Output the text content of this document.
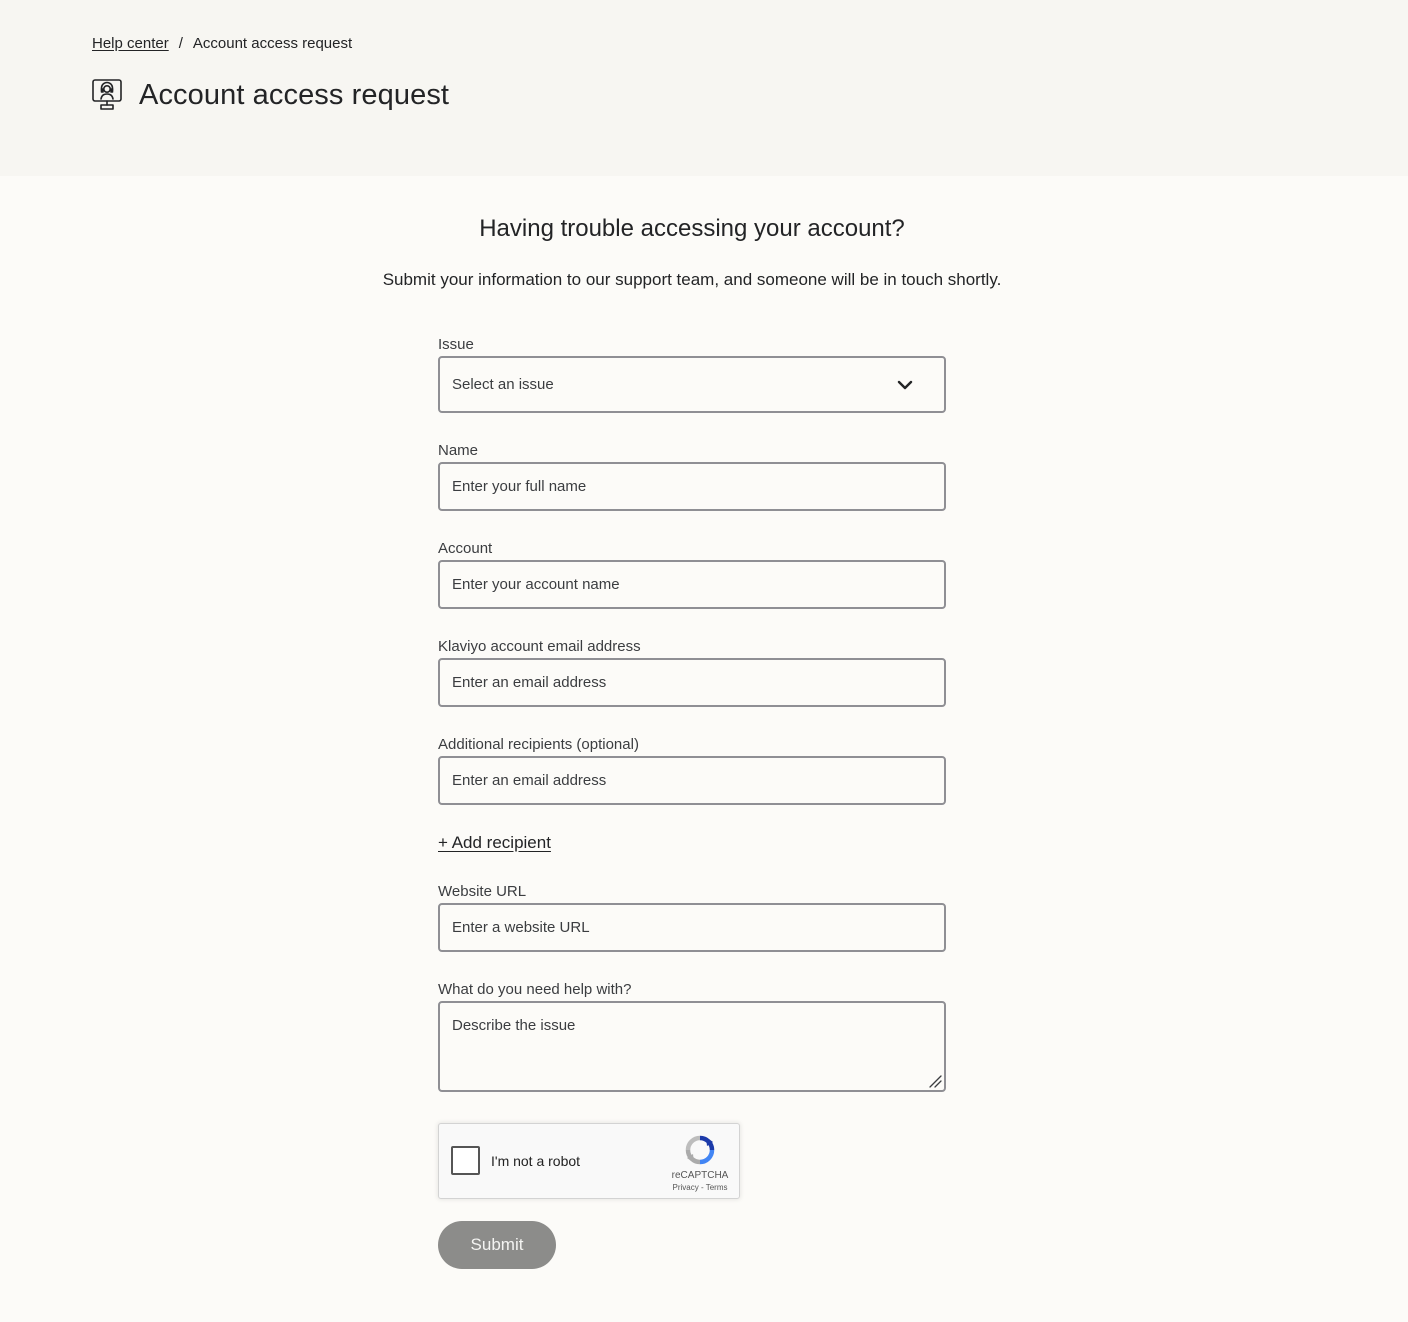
Help center / Account access request
Account access request
Having trouble accessing your account?

Submit your information to our support team, and someone will be in touch shortly.

Issue
Select an issue
Name
Enter your full name
Account
Enter your account name
Klaviyo account email address
Enter an email address
Additional recipients (optional)
Enter an email address
+ Add recipient
Website URL
Enter a website URL
What do you need help with?
Describe the issue
I'm not a robot
reCAPTCHA
Privacy - Terms
Submit
